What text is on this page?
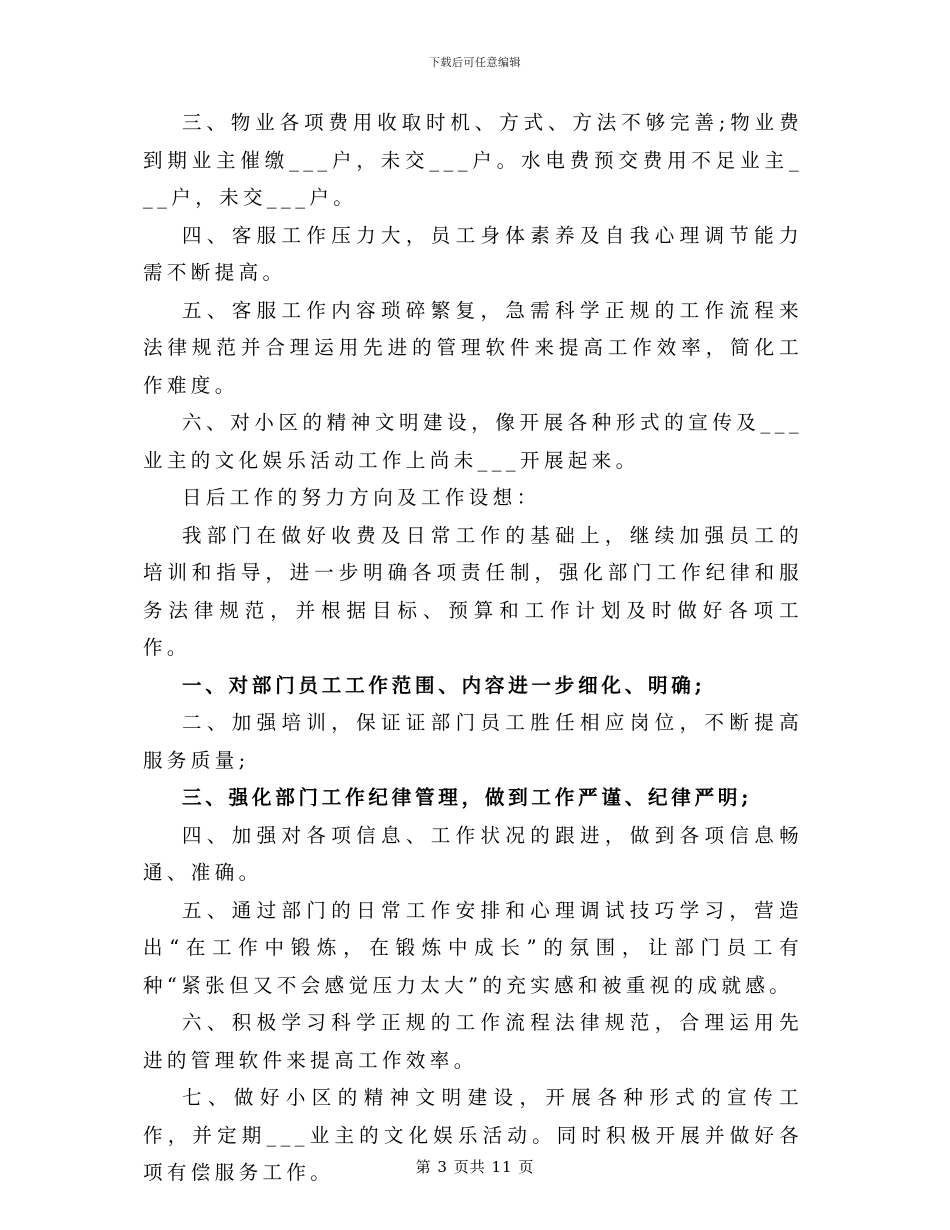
下载后可任意编辑

三、物业各项费用收取时机、方式、方法不够完善;物业费到期业主催缴___户，未交___户。水电费预交费用不足业主___户，未交___户。

四、客服工作压力大，员工身体素养及自我心理调节能力需不断提高。

五、客服工作内容琐碎繁复，急需科学正规的工作流程来法律规范并合理运用先进的管理软件来提高工作效率，简化工作难度。

六、对小区的精神文明建设，像开展各种形式的宣传及___业主的文化娱乐活动工作上尚未___开展起来。

日后工作的努力方向及工作设想：

我部门在做好收费及日常工作的基础上，继续加强员工的培训和指导，进一步明确各项责任制，强化部门工作纪律和服务法律规范，并根据目标、预算和工作计划及时做好各项工作。

一、对部门员工工作范围、内容进一步细化、明确;

二、加强培训，保证证部门员工胜任相应岗位，不断提高服务质量;

三、强化部门工作纪律管理，做到工作严谨、纪律严明;

四、加强对各项信息、工作状况的跟进，做到各项信息畅通、准确。

五、通过部门的日常工作安排和心理调试技巧学习，营造出“在工作中锻炼，在锻炼中成长”的氛围，让部门员工有种“紧张但又不会感觉压力太大”的充实感和被重视的成就感。

六、积极学习科学正规的工作流程法律规范，合理运用先进的管理软件来提高工作效率。

七、做好小区的精神文明建设，开展各种形式的宣传工作，并定期___业主的文化娱乐活动。同时积极开展并做好各项有偿服务工作。	第 3 页共 11 页
